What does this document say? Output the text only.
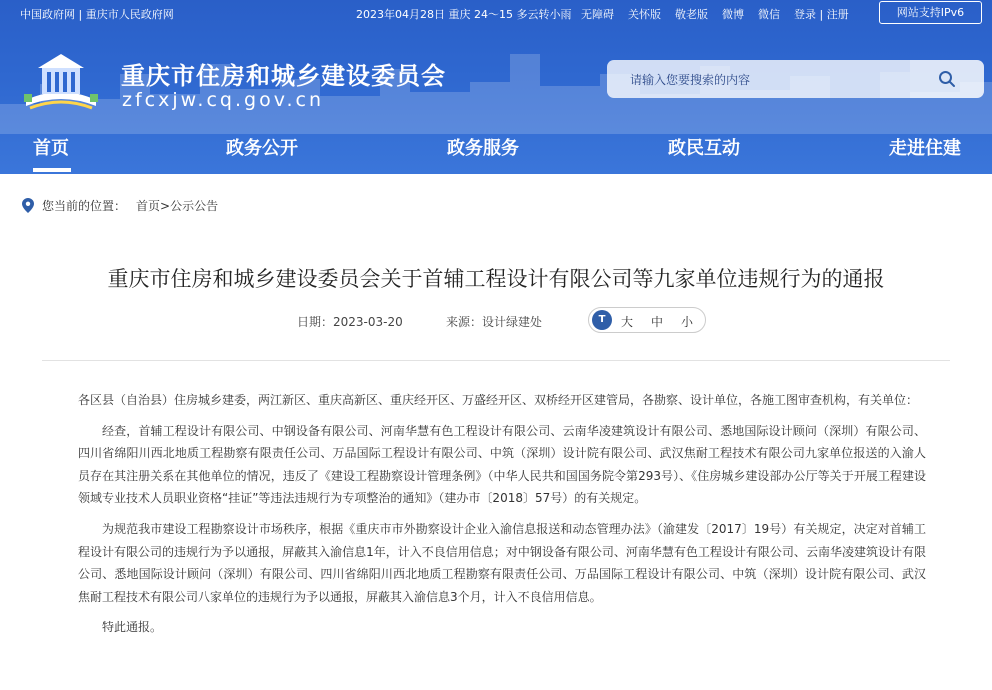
中国政府网 | 重庆市人民政府网	2023年04月28日 重庆 24～15 多云转小雨 无障碍 关怀版 敬老版 微博 微信 登录 | 注册	网站支持IPv6
重庆市住房和城乡建设委员会
zfcxjw.cq.gov.cn
请输入您要搜索的内容
首页	政务公开	政务服务	政民互动	走进住建
您当前的位置： 首页>公示公告
重庆市住房和城乡建设委员会关于首辅工程设计有限公司等九家单位违规行为的通报
日期：2023-03-20	来源：设计绿建处	T	大 中 小

各区县（自治县）住房城乡建委，两江新区、重庆高新区、重庆经开区、万盛经开区、双桥经开区建管局，各勘察、设计单位，各施工图审查机构，有关单位：

经查，首辅工程设计有限公司、中钢设备有限公司、河南华慧有色工程设计有限公司、云南华凌建筑设计有限公司、悉地国际设计顾问（深圳）有限公司、四川省绵阳川西北地质工程勘察有限责任公司、万品国际工程设计有限公司、中筑（深圳）设计院有限公司、武汉焦耐工程技术有限公司九家单位报送的入渝人员存在其注册关系在其他单位的情况，违反了《建设工程勘察设计管理条例》（中华人民共和国国务院令第293号）、《住房城乡建设部办公厅等关于开展工程建设领域专业技术人员职业资格“挂证”等违法违规行为专项整治的通知》（建办市〔2018〕57号）的有关规定。

为规范我市建设工程勘察设计市场秩序，根据《重庆市市外勘察设计企业入渝信息报送和动态管理办法》（渝建发〔2017〕19号）有关规定，决定对首辅工程设计有限公司的违规行为予以通报，屏蔽其入渝信息1年，计入不良信用信息；对中钢设备有限公司、河南华慧有色工程设计有限公司、云南华凌建筑设计有限公司、悉地国际设计顾问（深圳）有限公司、四川省绵阳川西北地质工程勘察有限责任公司、万品国际工程设计有限公司、中筑（深圳）设计院有限公司、武汉焦耐工程技术有限公司八家单位的违规行为予以通报，屏蔽其入渝信息3个月，计入不良信用信息。

特此通报。
